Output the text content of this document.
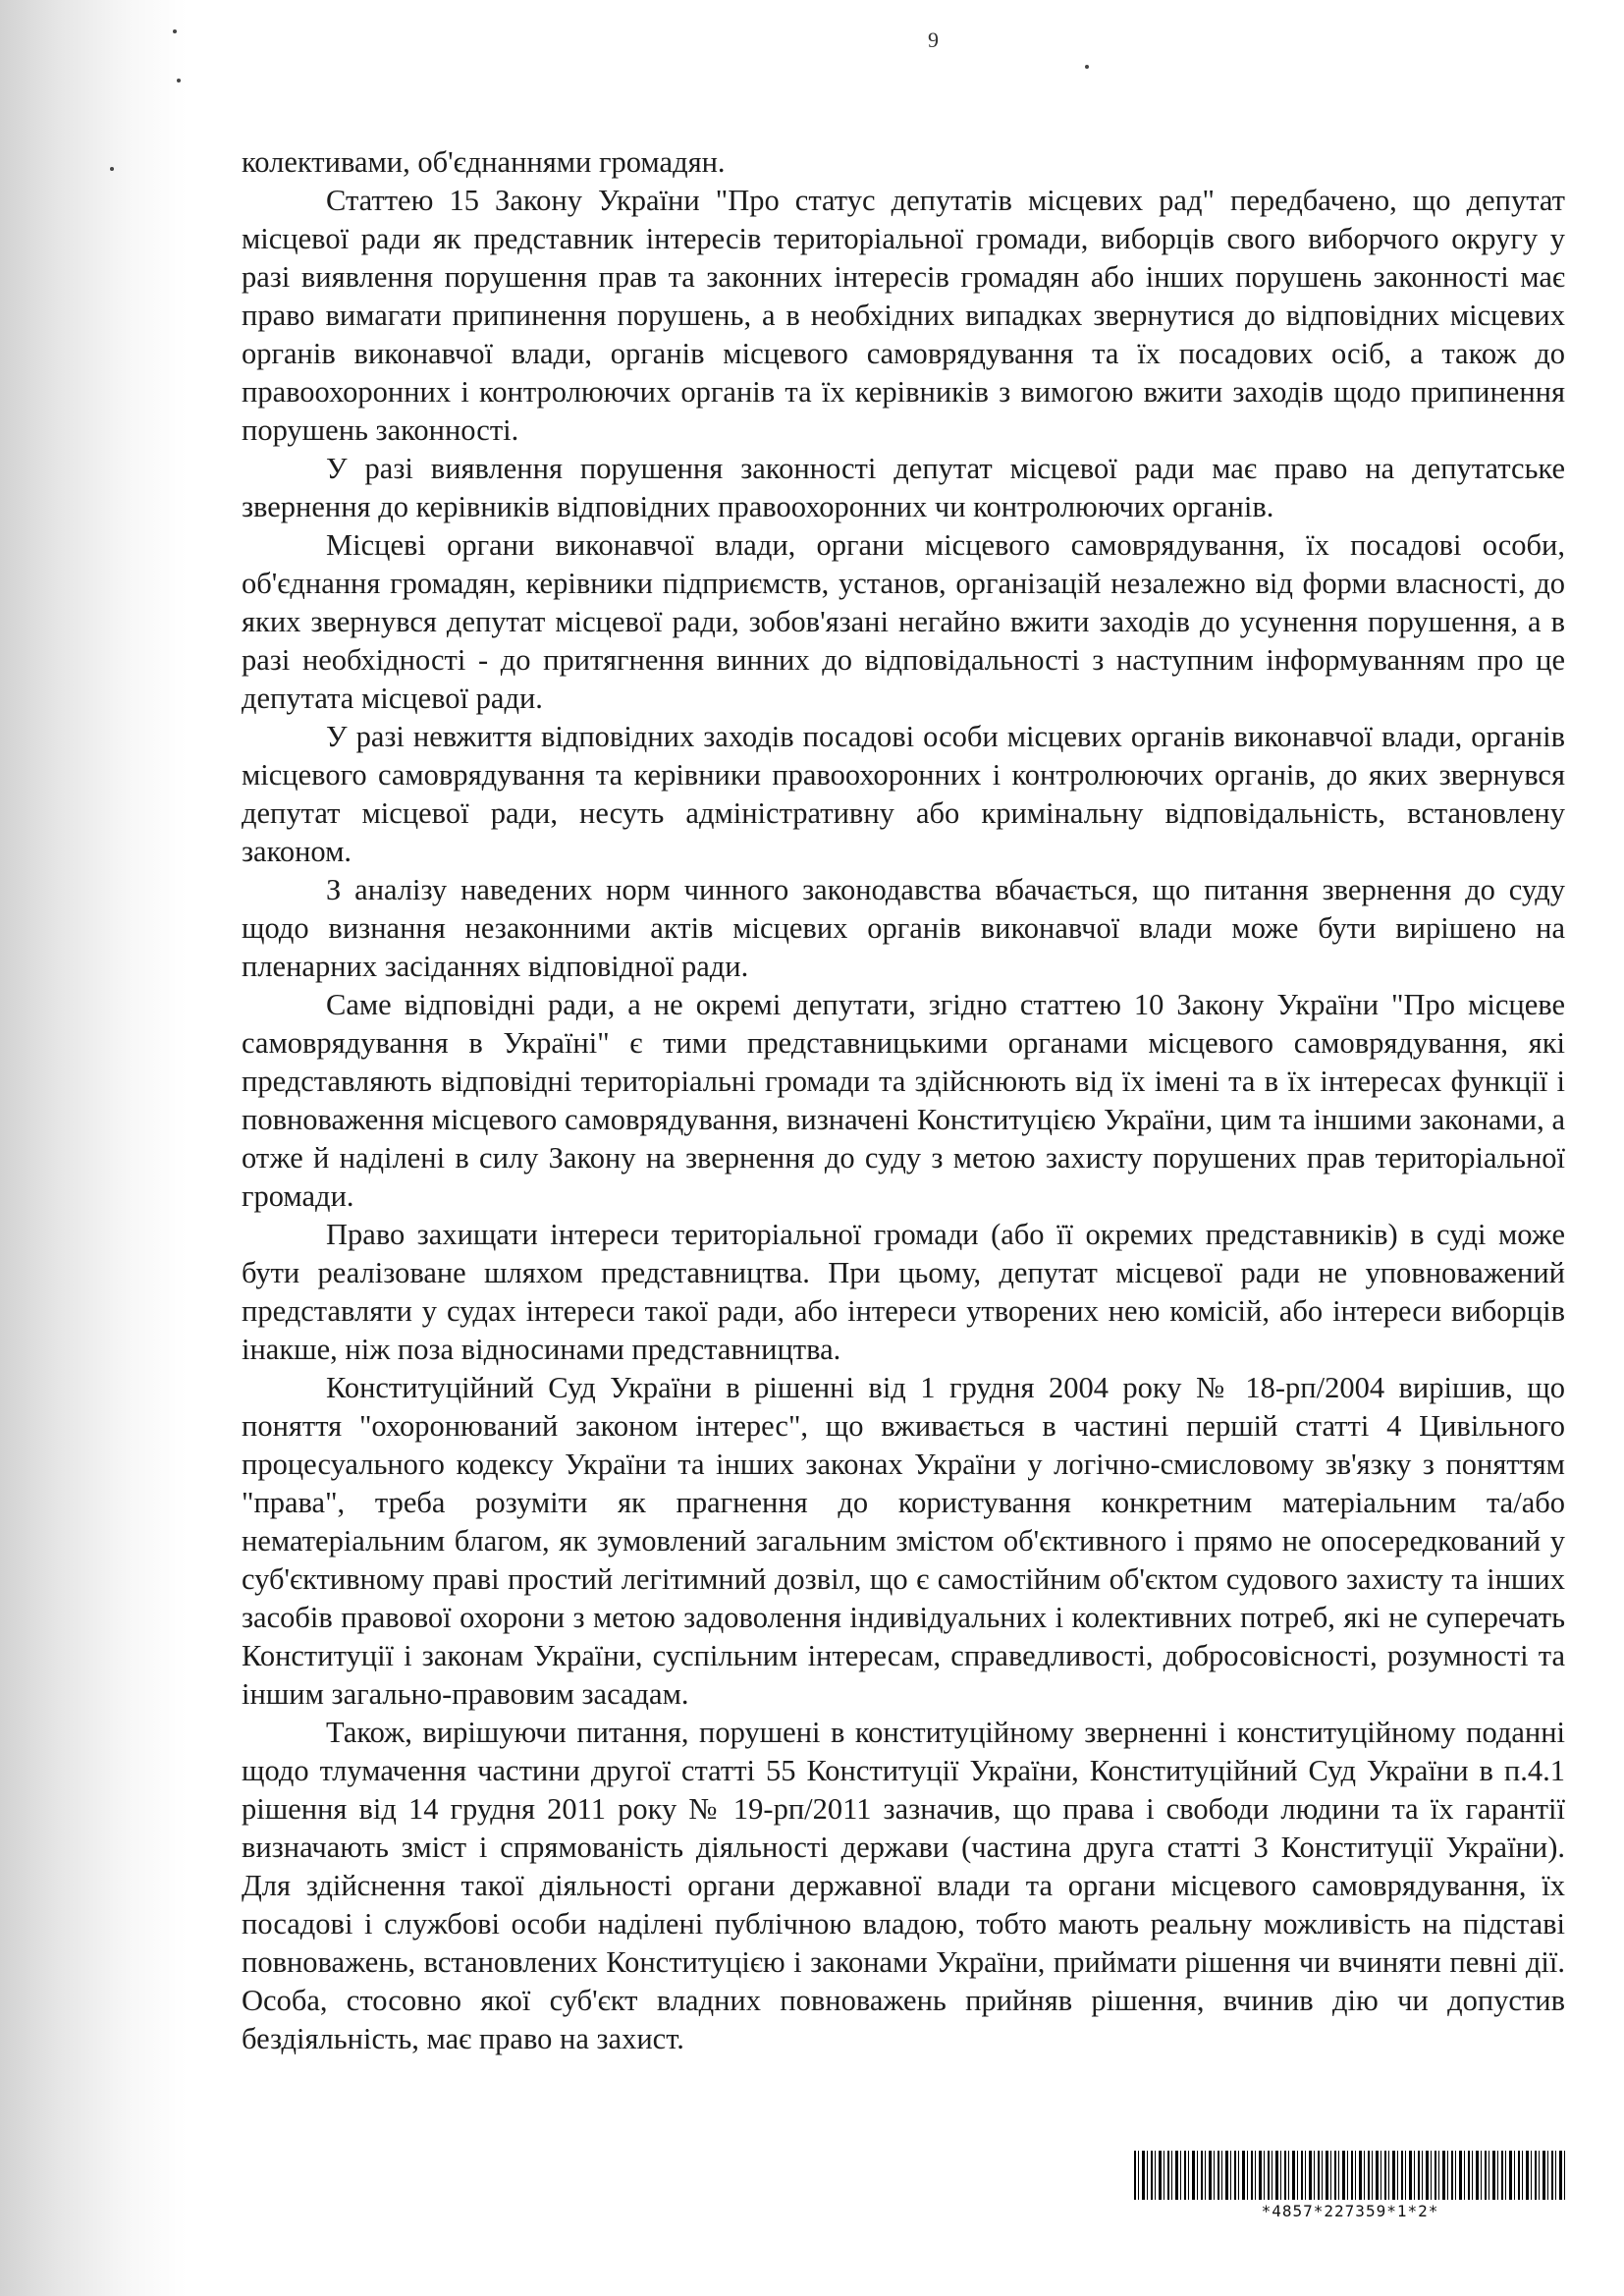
9

колективами, об'єднаннями громадян.

Статтею 15 Закону України "Про статус депутатів місцевих рад" передбачено, що депутат місцевої ради як представник інтересів територіальної громади, виборців свого виборчого округу у разі виявлення порушення прав та законних інтересів громадян або інших порушень законності має право вимагати припинення порушень, а в необхідних випадках звернутися до відповідних місцевих органів виконавчої влади, органів місцевого самоврядування та їх посадових осіб, а також до правоохоронних і контролюючих органів та їх керівників з вимогою вжити заходів щодо припинення порушень законності.

У разі виявлення порушення законності депутат місцевої ради має право на депутатське звернення до керівників відповідних правоохоронних чи контролюючих органів.

Місцеві органи виконавчої влади, органи місцевого самоврядування, їх посадові особи, об'єднання громадян, керівники підприємств, установ, організацій незалежно від форми власності, до яких звернувся депутат місцевої ради, зобов'язані негайно вжити заходів до усунення порушення, а в разі необхідності - до притягнення винних до відповідальності з наступним інформуванням про це депутата місцевої ради.

У разі невжиття відповідних заходів посадові особи місцевих органів виконавчої влади, органів місцевого самоврядування та керівники правоохоронних і контролюючих органів, до яких звернувся депутат місцевої ради, несуть адміністративну або кримінальну відповідальність, встановлену законом.

З аналізу наведених норм чинного законодавства вбачається, що питання звернення до суду щодо визнання незаконними актів місцевих органів виконавчої влади може бути вирішено на пленарних засіданнях відповідної ради.

Саме відповідні ради, а не окремі депутати, згідно статтею 10 Закону України "Про місцеве самоврядування в Україні" є тими представницькими органами місцевого самоврядування, які представляють відповідні територіальні громади та здійснюють від їх імені та в їх інтересах функції і повноваження місцевого самоврядування, визначені Конституцією України, цим та іншими законами, а отже й наділені в силу Закону на звернення до суду з метою захисту порушених прав територіальної громади.

Право захищати інтереси територіальної громади (або її окремих представників) в суді може бути реалізоване шляхом представництва. При цьому, депутат місцевої ради не уповноважений представляти у судах інтереси такої ради, або інтереси утворених нею комісій, або інтереси виборців інакше, ніж поза відносинами представництва.

Конституційний Суд України в рішенні від 1 грудня 2004 року № 18-рп/2004 вирішив, що поняття "охоронюваний законом інтерес", що вживається в частині першій статті 4 Цивільного процесуального кодексу України та інших законах України у логічно-смисловому зв'язку з поняттям "права", треба розуміти як прагнення до користування конкретним матеріальним та/або нематеріальним благом, як зумовлений загальним змістом об'єктивного і прямо не опосередкований у суб'єктивному праві простий легітимний дозвіл, що є самостійним об'єктом судового захисту та інших засобів правової охорони з метою задоволення індивідуальних і колективних потреб, які не суперечать Конституції і законам України, суспільним інтересам, справедливості, добросовісності, розумності та іншим загально-правовим засадам.

Також, вирішуючи питання, порушені в конституційному зверненні і конституційному поданні щодо тлумачення частини другої статті 55 Конституції України, Конституційний Суд України в п.4.1 рішення від 14 грудня 2011 року № 19-рп/2011 зазначив, що права і свободи людини та їх гарантії визначають зміст і спрямованість діяльності держави (частина друга статті 3 Конституції України). Для здійснення такої діяльності органи державної влади та органи місцевого самоврядування, їх посадові і службові особи наділені публічною владою, тобто мають реальну можливість на підставі повноважень, встановлених Конституцією і законами України, приймати рішення чи вчиняти певні дії. Особа, стосовно якої суб'єкт владних повноважень прийняв рішення, вчинив дію чи допустив бездіяльність, має право на захист.

*4857*227359*1*2*
